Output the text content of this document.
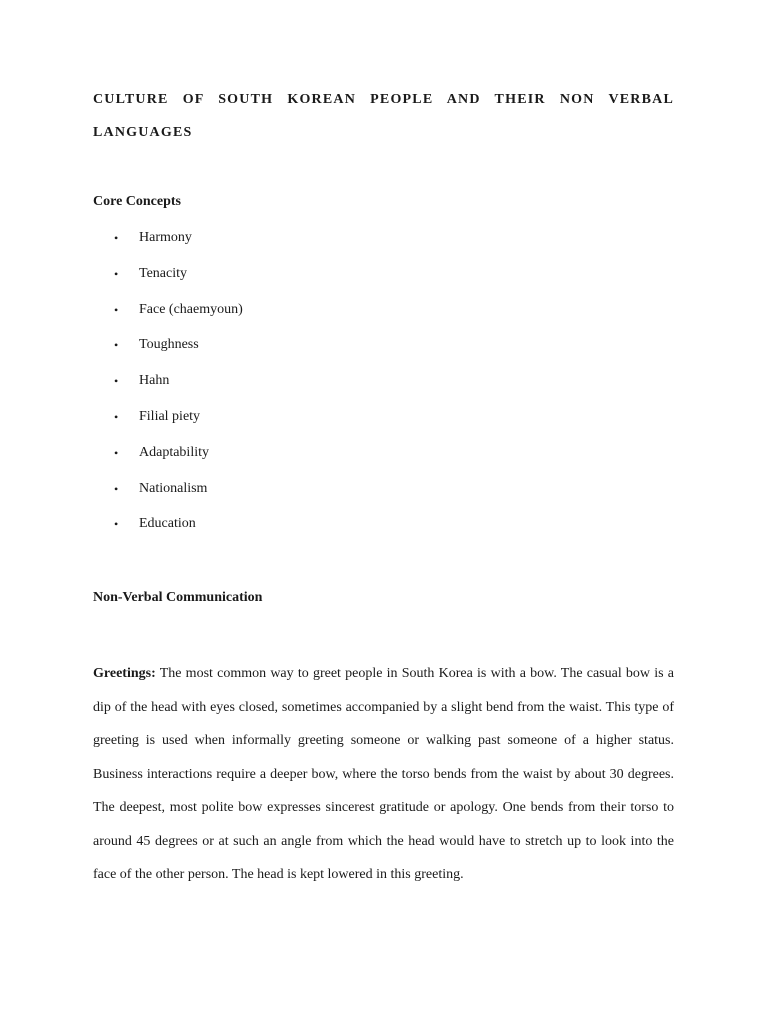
CULTURE OF SOUTH KOREAN PEOPLE AND THEIR NON VERBAL LANGUAGES
Core Concepts
•	Harmony
•	Tenacity
•	Face (chaemyoun)
•	Toughness
•	Hahn
•	Filial piety
•	Adaptability
•	Nationalism
•	Education
Non-Verbal Communication

Greetings: The most common way to greet people in South Korea is with a bow. The casual bow is a dip of the head with eyes closed, sometimes accompanied by a slight bend from the waist. This type of greeting is used when informally greeting someone or walking past someone of a higher status. Business interactions require a deeper bow, where the torso bends from the waist by about 30 degrees. The deepest, most polite bow expresses sincerest gratitude or apology. One bends from their torso to around 45 degrees or at such an angle from which the head would have to stretch up to look into the face of the other person. The head is kept lowered in this greeting.
